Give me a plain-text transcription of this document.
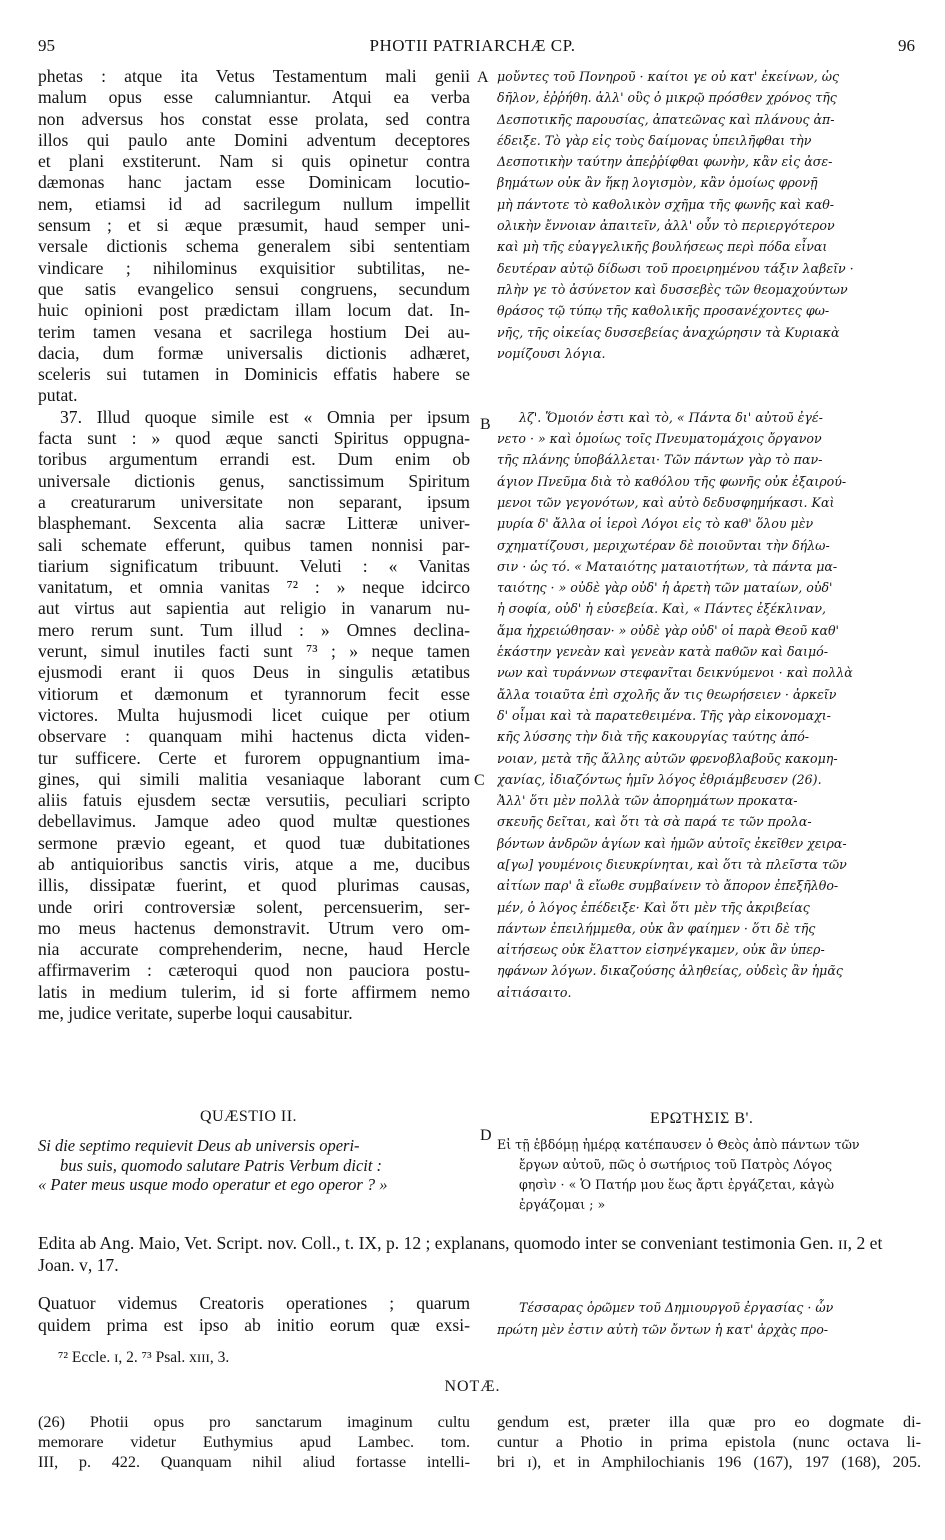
95	PHOTII PATRIARCHÆ CP.	96
phetas : atque ita Vetus Testamentum mali genii
malum opus esse calumniantur. Atqui ea verba
non adversus hos constat esse prolata, sed contra
illos qui paulo ante Domini adventum deceptores
et plani exstiterunt. Nam si quis opinetur contra
dæmonas hanc jactam esse Dominicam locutio-
nem, etiamsi id ad sacrilegum nullum impellit
sensum ; et si æque præsumit, haud semper uni-
versale dictionis schema generalem sibi sententiam
vindicare ; nihilominus exquisitior subtilitas, ne-
que satis evangelico sensui congruens, secundum
huic opinioni post prædictam illam locum dat. In-
terim tamen vesana et sacrilega hostium Dei au-
dacia, dum formæ universalis dictionis adhæret,
sceleris sui tutamen in Dominicis effatis habere se
putat.
37. Illud quoque simile est « Omnia per ipsum
facta sunt : » quod æque sancti Spiritus oppugna-
toribus argumentum errandi est. Dum enim ob
universale dictionis genus, sanctissimum Spiritum
a creaturarum universitate non separant, ipsum
blasphemant. Sexcenta alia sacræ Litteræ univer-
sali schemate efferunt, quibus tamen nonnisi par-
tiarium significatum tribuunt. Veluti : « Vanitas
vanitatum, et omnia vanitas ⁷² : » neque idcirco
aut virtus aut sapientia aut religio in vanarum nu-
mero rerum sunt. Tum illud : » Omnes declina-
verunt, simul inutiles facti sunt ⁷³ ; » neque tamen
ejusmodi erant ii quos Deus in singulis ætatibus
vitiorum et dæmonum et tyrannorum fecit esse
victores. Multa hujusmodi licet cuique per otium
observare : quanquam mihi hactenus dicta viden-
tur sufficere. Certe et furorem oppugnantium ima-
gines, qui simili malitia vesaniaque laborant cum
aliis fatuis ejusdem sectæ versutiis, peculiari scripto
debellavimus. Jamque adeo quod multæ questiones
sermone prævio egeant, et quod tuæ dubitationes
ab antiquioribus sanctis viris, atque a me, ducibus
illis, dissipatæ fuerint, et quod plurimas causas,
unde oriri controversiæ solent, percensuerim, ser-
mo meus hactenus demonstravit. Utrum vero om-
nia accurate comprehenderim, necne, haud Hercle
affirmaverim : cæteroqui quod non pauciora postu-
latis in medium tulerim, id si forte affirmem nemo
me, judice veritate, superbe loqui causabitur.
μοὔντες τοῦ Πονηροῦ · καίτοι γε οὐ κατ' ἐκείνων, ὡς
δῆλον, ἐῤῥήθη. ἀλλ' οὓς ὀ μικρῷ πρόσθεν χρόνος τῆς
Δεσποτικῆς παρουσίας, ἀπατεῶνας καὶ πλάνους ἀπ-
έδειξε. Τὸ γὰρ εἰς τοὺς δαίμονας ὑπειλῆφθαι τὴν
Δεσποτικὴν ταύτην ἀπεῤῥίφθαι φωνὴν, κἂν εἰς ἀσε-
βημάτων οὐκ ἂν ἥκῃ λογισμὸν, κἂν ὁμοίως φρονῇ
μὴ πάντοτε τὸ καθολικὸν σχῆμα τῆς φωνῆς καὶ καθ-
ολικὴν ἔννοιαν ἀπαιτεῖν, ἀλλ' οὖν τὸ περιεργότερον
καὶ μὴ τῆς εὐαγγελικῆς βουλήσεως περὶ πόδα εἶναι
δευτέραν αὐτῷ δίδωσι τοῦ προειρημένου τάξιν λαβεῖν ·
πλὴν γε τὸ ἀσύνετον καὶ δυσσεβὲς τῶν θεομαχούντων
θράσος τῷ τύπῳ τῆς καθολικῆς προσανέχοντες φω-
νῆς, τῆς οἰκείας δυσσεβείας ἀναχώρησιν τὰ Κυριακὰ
νομίζουσι λόγια.

λζ'. Ὅμοιόν ἐστι καὶ τὸ, « Πάντα δι' αὐτοῦ ἐγέ-
νετο · » καὶ ὁμοίως τοῖς Πνευματομάχοις ὄργανον
τῆς πλάνης ὑποβάλλεται· Τῶν πάντων γὰρ τὸ παν-
άγιον Πνεῦμα διὰ τὸ καθόλου τῆς φωνῆς οὐκ ἐξαιρού-
μενοι τῶν γεγονότων, καὶ αὐτὸ δεδυσφημήκασι. Καὶ
μυρία δ' ἄλλα οἱ ἱεροὶ Λόγοι εἰς τὸ καθ' ὅλου μὲν
σχηματίζουσι, μεριχωτέραν δὲ ποιοῦνται τὴν δήλω-
σιν · ὡς τό. « Ματαιότης ματαιοτήτων, τὰ πάντα μα-
ταιότης · » οὐδὲ γὰρ οὐδ' ἡ ἀρετὴ τῶν ματαίων, οὐδ'
ἡ σοφία, οὐδ' ἡ εὐσεβεία. Καὶ, « Πάντες ἐξέκλιναν,
ἅμα ἠχρειώθησαν· » οὐδὲ γὰρ οὐδ' οἱ παρὰ Θεοῦ καθ'
ἑκάστην γενεὰν καὶ γενεὰν κατὰ παθῶν καὶ δαιμό-
νων καὶ τυράννων στεφανῖται δεικνύμενοι · καὶ πολλὰ
ἄλλα τοιαῦτα ἐπὶ σχολῆς ἄν τις θεωρήσειεν · ἀρκεῖν
δ' οἶμαι καὶ τὰ παρατεθειμένα. Τῆς γὰρ εἰκονομαχι-
κῆς λύσσης τὴν διὰ τῆς κακουργίας ταύτης ἀπό-
νοιαν, μετὰ τῆς ἄλλης αὐτῶν φρενοβλαβοῦς κακομη-
χανίας, ἰδιαζόντως ἡμῖν λόγος ἐθριάμβευσεν (26).
Ἀλλ' ὅτι μὲν πολλὰ τῶν ἀπορημάτων προκατα-
σκευῆς δεῖται, καὶ ὅτι τὰ σὰ παρά τε τῶν προλα-
βόντων ἀνδρῶν ἁγίων καὶ ἡμῶν αὐτοῖς ἐκεῖθεν χειρα-
α[γω] γουμένοις διευκρίνηται, καὶ ὅτι τὰ πλεῖστα τῶν
αἰτίων παρ' ἃ εἴωθε συμβαίνειν τὸ ἄπορον ἐπεξῆλθο-
μέν, ὁ λόγος ἐπέδειξε· Καὶ ὅτι μὲν τῆς ἀκριβείας
πάντων ἐπειλήμμεθα, οὐκ ἂν φαίημεν · ὅτι δὲ τῆς
αἰτήσεως οὐκ ἔλαττον εἰσηνέγκαμεν, οὐκ ἂν ὑπερ-
ηφάνων λόγων. δικαζούσης ἀληθείας, οὐδεὶς ἂν ἡμᾶς
αἰτιάσαιτο.
A
B
C
D
QUÆSTIO II.	ΕΡΩΤΗΣΙΣ Β'.
Si die septimo requievit Deus ab universis operi-
bus suis, quomodo salutare Patris Verbum dicit :
« Pater meus usque modo operatur et ego operor ? »
Εἰ τῇ ἑβδόμῃ ἡμέρᾳ κατέπαυσεν ὁ Θεὸς ἀπὸ πάντων τῶν
ἔργων αὐτοῦ, πῶς ὁ σωτήριος τοῦ Πατρὸς Λόγος
φησὶν · « Ὁ Πατήρ μου ἕως ἄρτι ἐργάζεται, κἀγὼ
ἐργάζομαι ; »
Edita ab Ang. Maio, Vet. Script. nov. Coll., t. IX, p. 12 ; explanans, quomodo inter se conveniant testimonia Gen. ɪɪ, 2 et Joan. ᴠ, 17.
Quatuor videmus Creatoris operationes ; quarum
quidem prima est ipso ab initio eorum quæ exsi-
Τέσσαρας ὁρῶμεν τοῦ Δημιουργοῦ ἐργασίας · ὧν
πρώτη μὲν ἐστιν αὐτὴ τῶν ὄντων ἡ κατ' ἀρχὰς προ-
⁷² Eccle. ɪ, 2. ⁷³ Psal. xɪɪɪ, 3.
NOTÆ.
(26) Photii opus pro sanctarum imaginum cultu
memorare videtur Euthymius apud Lambec. tom.
III, p. 422. Quanquam nihil aliud fortasse intelli-
gendum est, præter illa quæ pro eo dogmate di-
cuntur a Photio in prima epistola (nunc octava li-
bri ɪ), et in Amphilochianis 196 (167), 197 (168), 205.
